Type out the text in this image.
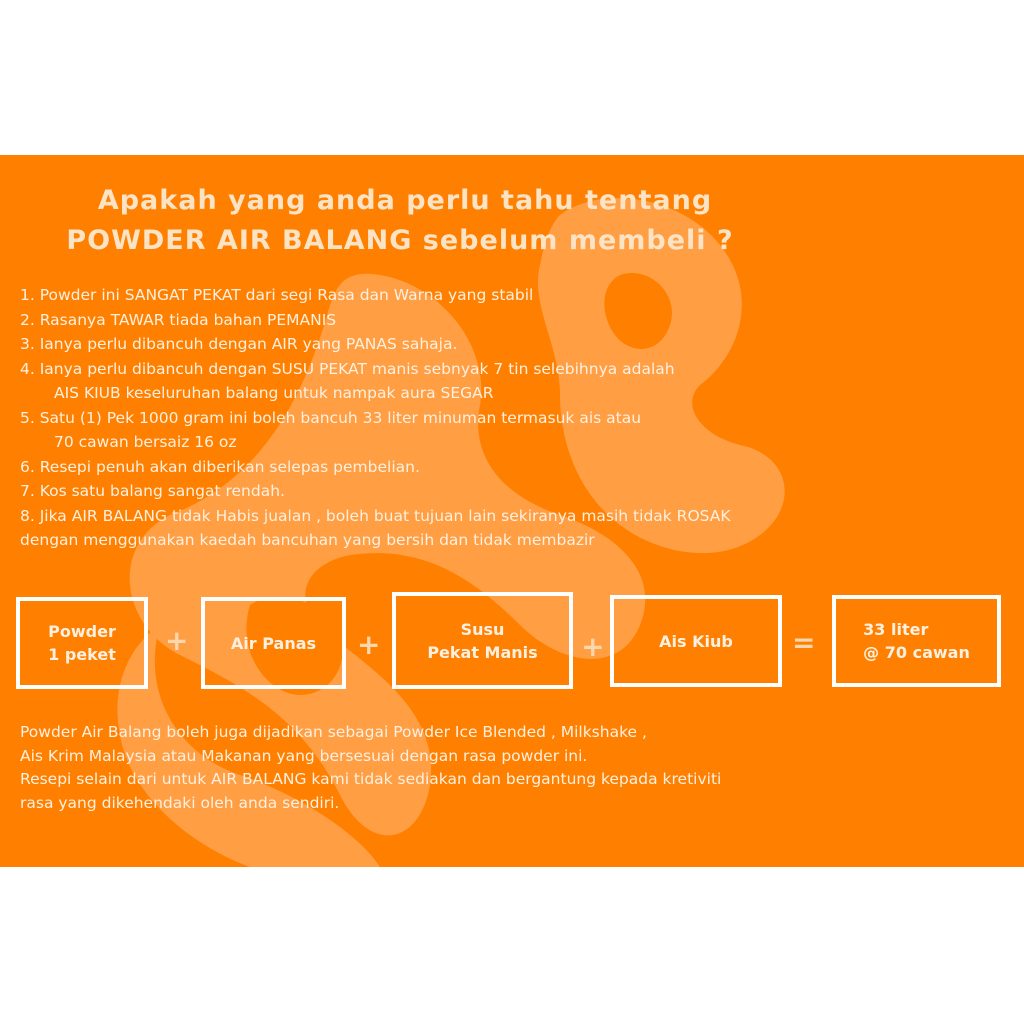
Apakah yang anda perlu tahu tentang
POWDER AIR BALANG sebelum membeli ?
1. Powder ini SANGAT PEKAT dari segi Rasa dan Warna yang stabil
2. Rasanya TAWAR tiada bahan PEMANIS
3. Ianya perlu dibancuh dengan AIR yang PANAS sahaja.
4. Ianya perlu dibancuh dengan SUSU PEKAT manis sebnyak 7 tin selebihnya adalah
AIS KIUB keseluruhan balang untuk nampak aura SEGAR
5. Satu (1) Pek 1000 gram ini boleh bancuh 33 liter minuman termasuk ais atau
70 cawan bersaiz 16 oz
6. Resepi penuh akan diberikan selepas pembelian.
7. Kos satu balang sangat rendah.
8. Jika AIR BALANG tidak Habis jualan , boleh buat tujuan lain sekiranya masih tidak ROSAK
dengan menggunakan kaedah bancuhan yang bersih dan tidak membazir
Powder
1 peket +	Air Panas +	Susu
Pekat Manis +	Ais Kiub =	33 liter
@ 70 cawan
Powder Air Balang boleh juga dijadikan sebagai Powder Ice Blended , Milkshake ,
Ais Krim Malaysia atau Makanan yang bersesuai dengan rasa powder ini.
Resepi selain dari untuk AIR BALANG kami tidak sediakan dan bergantung kepada kretiviti
rasa yang dikehendaki oleh anda sendiri.
